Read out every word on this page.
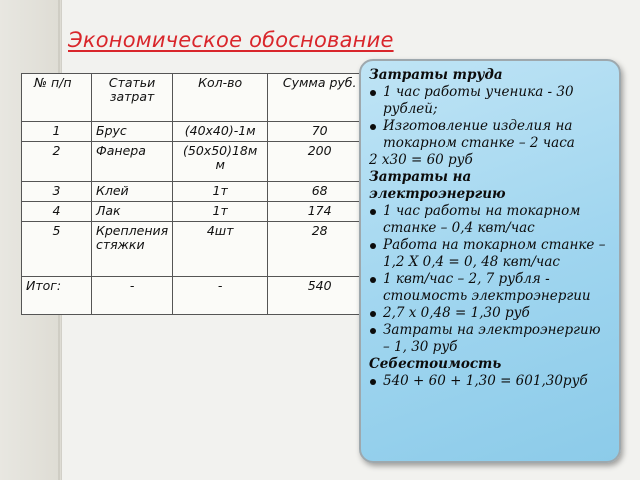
Экономическое обоснование
№ п/п	Статьи затрат	Кол-во	Сумма руб.
1	Брус	(40х40)-1м	70
2	Фанера	(50х50)18м м	200
3	Клей	1т	68
4	Лак	1т	174
5	Крепления стяжки	4шт	28
Итог:	-	-	540
Затраты труда
1 час работы ученика - 30 рублей;
Изготовление изделия на токарном станке – 2 часа
2 х30 = 60 руб
Затраты на электроэнергию
1 час работы на токарном станке – 0,4 квт/час
Работа на токарном станке – 1,2 Х 0,4 = 0, 48 квт/час
1 квт/час – 2, 7 рубля - стоимость электроэнергии
2,7 х 0,48 = 1,30 руб
Затраты на электроэнергию – 1, 30 руб
Себестоимость
540 + 60 + 1,30 = 601,30руб
